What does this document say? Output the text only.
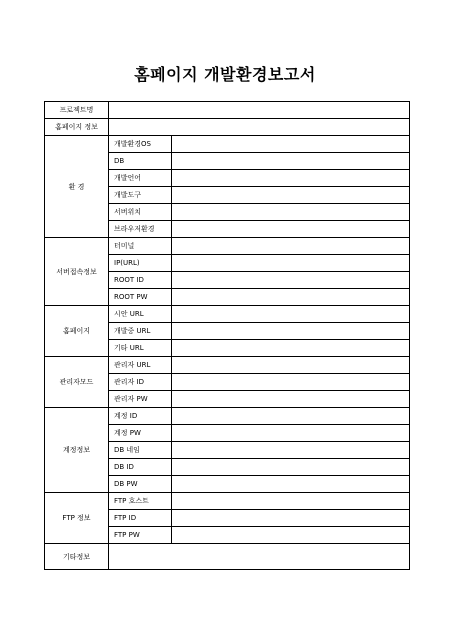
홈페이지 개발환경보고서
프로젝트명		
홈페이지 정보		
환 경	개발환경OS	
	DB	
	개발언어	
	개발도구	
	서버위치	
	브라우저환경	
서버접속정보	터미널	
	IP(URL)	
	ROOT ID	
	ROOT PW	
홈페이지	시안 URL	
	개발중 URL	
	기타 URL	
관리자모드	관리자 URL	
	관리자 ID	
	관리자 PW	
계정정보	계정 ID	
	계정 PW	
	DB 네임	
	DB ID	
	DB PW	
FTP 정보	FTP 호스트	
	FTP ID	
	FTP PW	
기타정보		
